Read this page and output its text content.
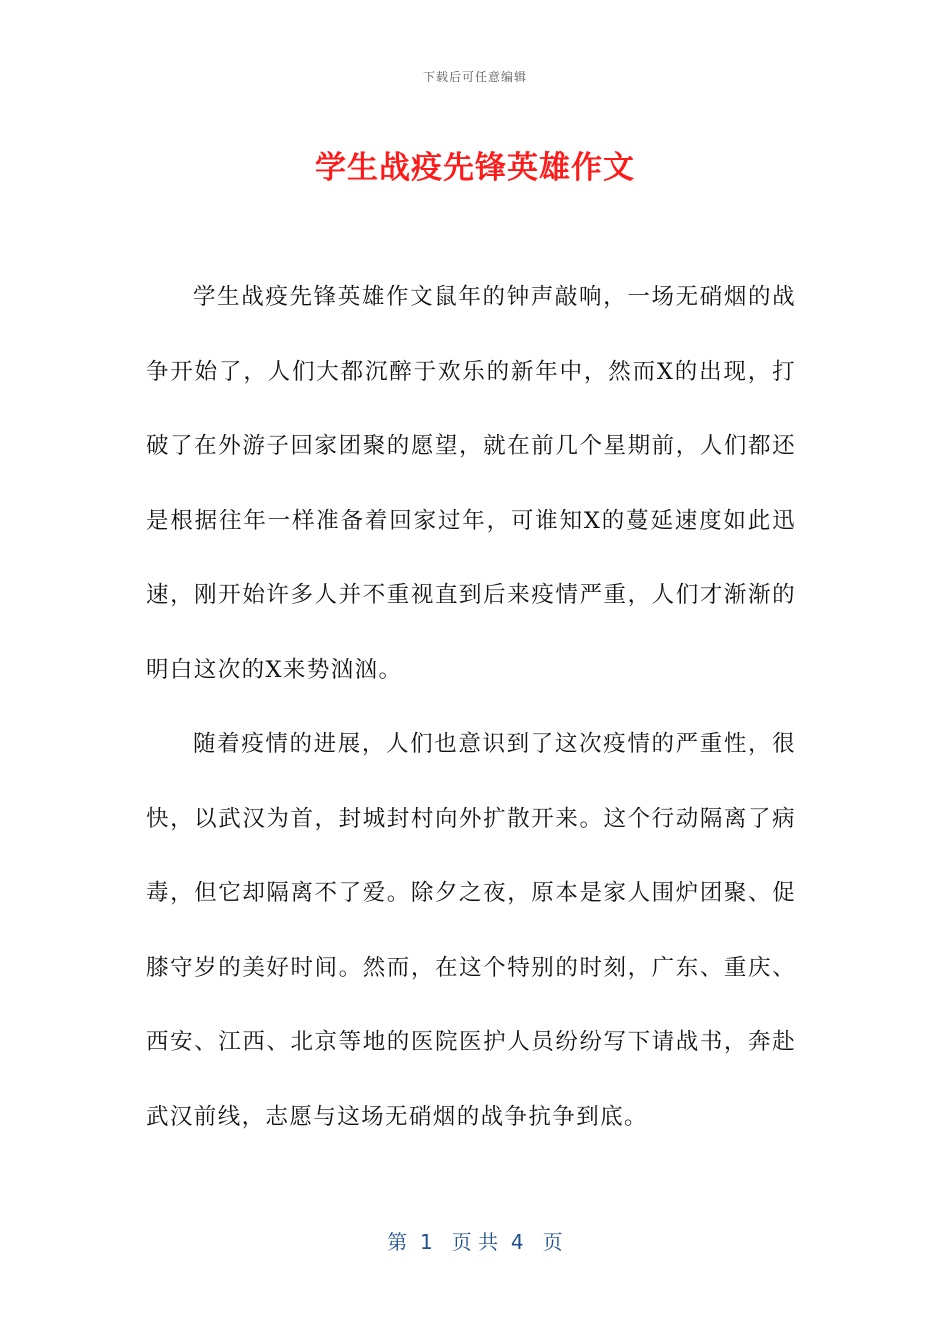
下载后可任意编辑
学生战疫先锋英雄作文

学生战疫先锋英雄作文鼠年的钟声敲响，一场无硝烟的战争开始了，人们大都沉醉于欢乐的新年中，然而X的出现，打破了在外游子回家团聚的愿望，就在前几个星期前，人们都还是根据往年一样准备着回家过年，可谁知X的蔓延速度如此迅速，刚开始许多人并不重视直到后来疫情严重，人们才渐渐的明白这次的X来势汹汹。

随着疫情的进展，人们也意识到了这次疫情的严重性，很快，以武汉为首，封城封村向外扩散开来。这个行动隔离了病毒，但它却隔离不了爱。除夕之夜，原本是家人围炉团聚、促膝守岁的美好时间。然而，在这个特别的时刻，广东、重庆、西安、江西、北京等地的医院医护人员纷纷写下请战书，奔赴武汉前线，志愿与这场无硝烟的战争抗争到底。

第  1   页 共  4   页
